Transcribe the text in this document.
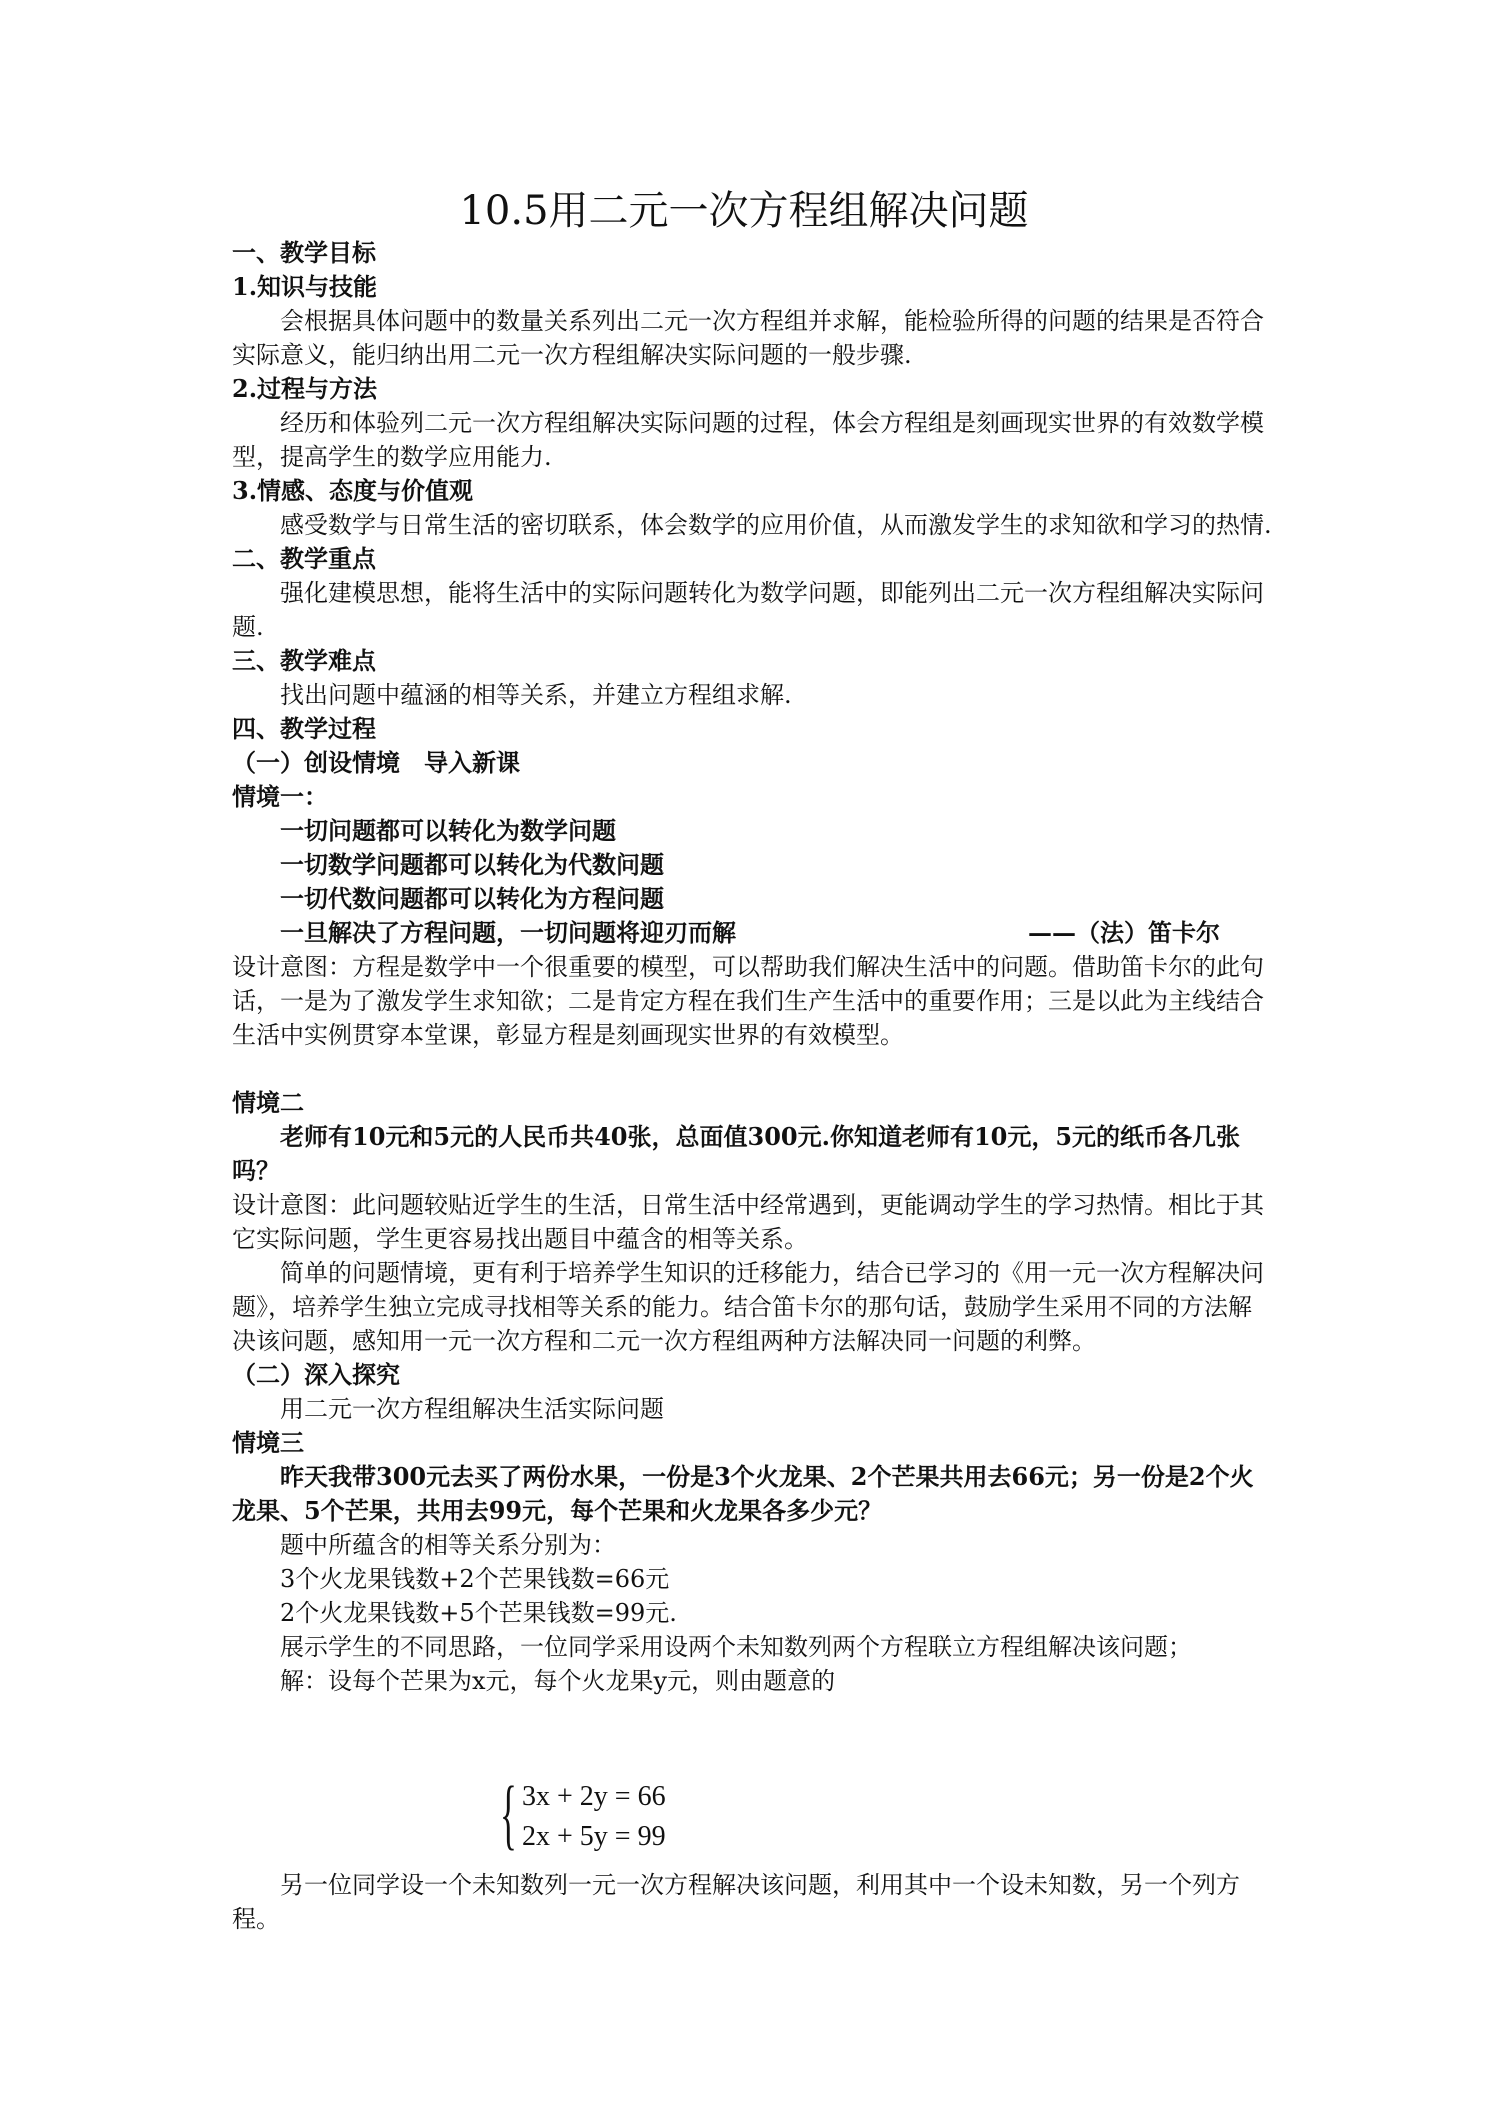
10.5用二元一次方程组解决问题
一、教学目标
1.知识与技能
会根据具体问题中的数量关系列出二元一次方程组并求解，能检验所得的问题的结果是否符合实际意义，能归纳出用二元一次方程组解决实际问题的一般步骤.
2.过程与方法
经历和体验列二元一次方程组解决实际问题的过程，体会方程组是刻画现实世界的有效数学模型，提高学生的数学应用能力.
3.情感、态度与价值观
感受数学与日常生活的密切联系，体会数学的应用价值，从而激发学生的求知欲和学习的热情.
二、教学重点
强化建模思想，能将生活中的实际问题转化为数学问题，即能列出二元一次方程组解决实际问题.
三、教学难点
找出问题中蕴涵的相等关系，并建立方程组求解.
四、教学过程
（一）创设情境　导入新课
情境一：
一切问题都可以转化为数学问题
一切数学问题都可以转化为代数问题
一切代数问题都可以转化为方程问题
一旦解决了方程问题，一切问题将迎刃而解	——（法）笛卡尔
设计意图：方程是数学中一个很重要的模型，可以帮助我们解决生活中的问题。借助笛卡尔的此句话，一是为了激发学生求知欲；二是肯定方程在我们生产生活中的重要作用；三是以此为主线结合生活中实例贯穿本堂课，彰显方程是刻画现实世界的有效模型。
情境二
老师有10元和5元的人民币共40张，总面值300元.你知道老师有10元，5元的纸币各几张吗？
设计意图：此问题较贴近学生的生活，日常生活中经常遇到，更能调动学生的学习热情。相比于其它实际问题，学生更容易找出题目中蕴含的相等关系。
简单的问题情境，更有利于培养学生知识的迁移能力，结合已学习的《用一元一次方程解决问题》，培养学生独立完成寻找相等关系的能力。结合笛卡尔的那句话，鼓励学生采用不同的方法解决该问题，感知用一元一次方程和二元一次方程组两种方法解决同一问题的利弊。
（二）深入探究
用二元一次方程组解决生活实际问题
情境三
昨天我带300元去买了两份水果，一份是3个火龙果、2个芒果共用去66元；另一份是2个火龙果、5个芒果，共用去99元，每个芒果和火龙果各多少元？
题中所蕴含的相等关系分别为：
3个火龙果钱数+2个芒果钱数=66元
2个火龙果钱数+5个芒果钱数=99元.
展示学生的不同思路，一位同学采用设两个未知数列两个方程联立方程组解决该问题；
解：设每个芒果为x元，每个火龙果y元，则由题意的
{ 3x + 2y = 66
2x + 5y = 99
另一位同学设一个未知数列一元一次方程解决该问题，利用其中一个设未知数，另一个列方程。
